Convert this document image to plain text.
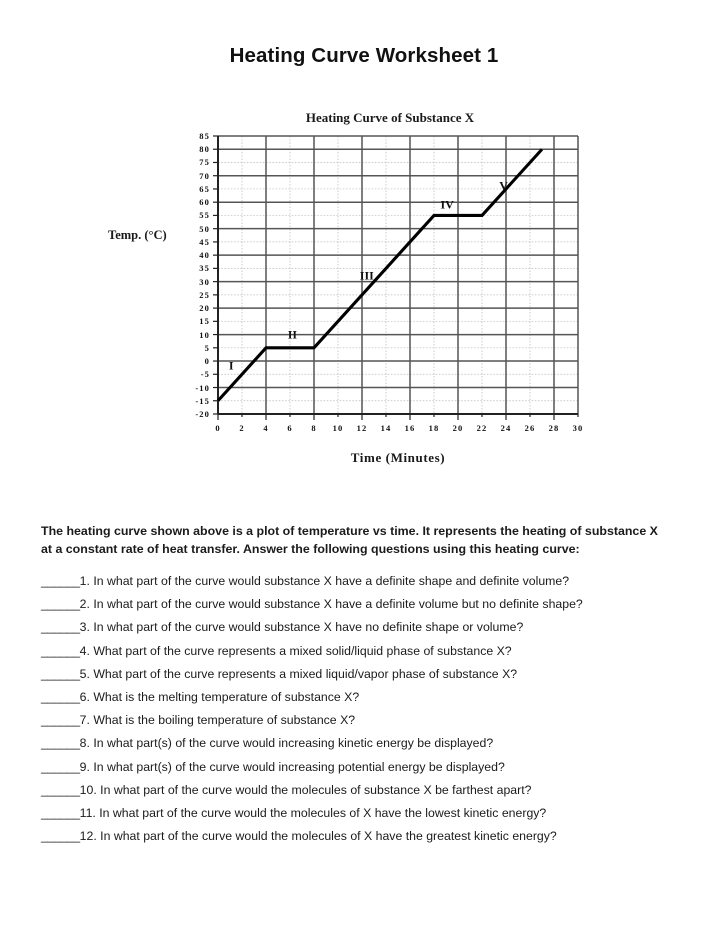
Heating Curve Worksheet 1
Heating Curve of Substance X
Temp. (°C)
Time (Minutes)
-20
-15
-10
-5
0
5
10
15
20
25
30
35
40
45
50
55
60
65
70
75
80
85
0 2 4 6 8 10 12 14 16 18 20 22 24 26 28 30
I
II
III
IV
V
The heating curve shown above is a plot of temperature vs time. It represents the heating of substance X at a constant rate of heat transfer. Answer the following questions using this heating curve:
______1. In what part of the curve would substance X have a definite shape and definite volume?
______2. In what part of the curve would substance X have a definite volume but no definite shape?
______3. In what part of the curve would substance X have no definite shape or volume?
______4. What part of the curve represents a mixed solid/liquid phase of substance X?
______5. What part of the curve represents a mixed liquid/vapor phase of substance X?
______6. What is the melting temperature of substance X?
______7. What is the boiling temperature of substance X?
______8. In what part(s) of the curve would increasing kinetic energy be displayed?
______9. In what part(s) of the curve would increasing potential energy be displayed?
______10. In what part of the curve would the molecules of substance X be farthest apart?
______11. In what part of the curve would the molecules of X have the lowest kinetic energy?
______12. In what part of the curve would the molecules of X have the greatest kinetic energy?
